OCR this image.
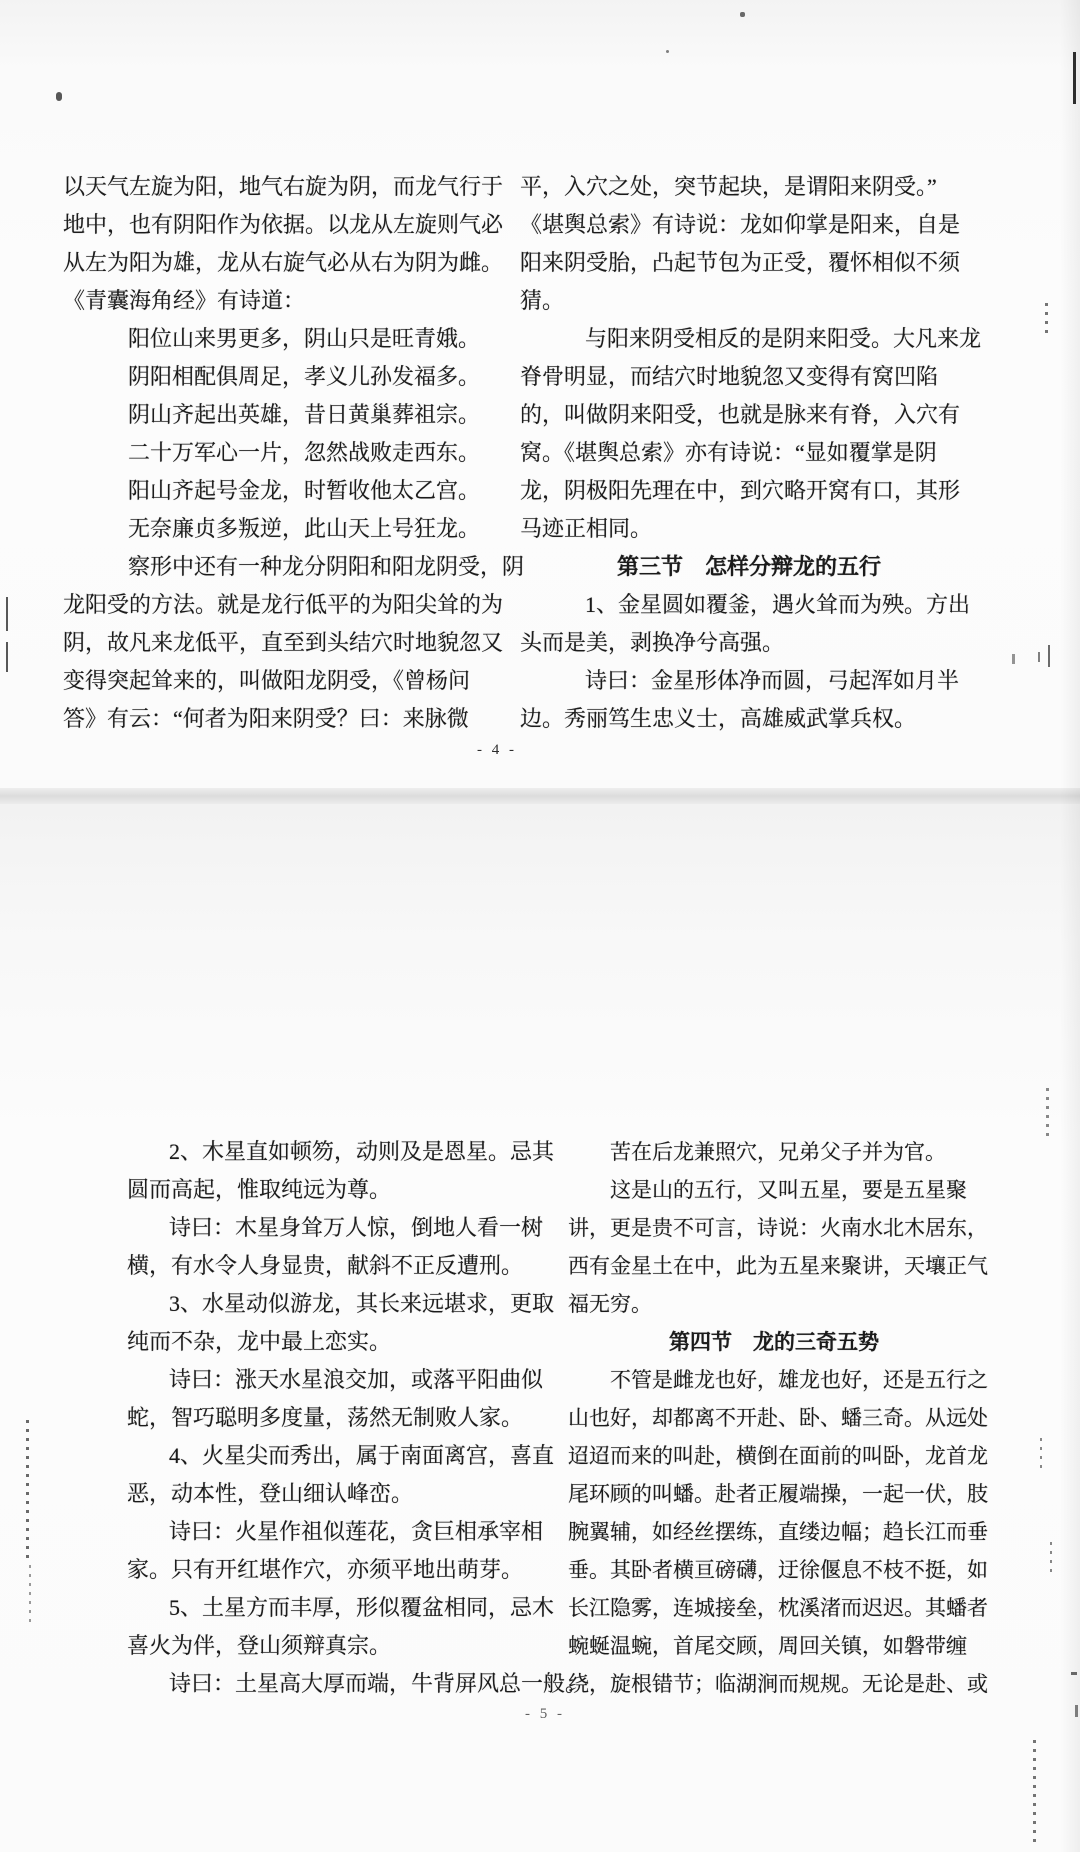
以天气左旋为阳，地气右旋为阴，而龙气行于
地中，也有阴阳作为依据。以龙从左旋则气必
从左为阳为雄，龙从右旋气必从右为阴为雌。
《青囊海角经》有诗道：
阳位山来男更多，阴山只是旺青娥。
阴阳相配俱周足，孝义儿孙发福多。
阴山齐起出英雄，昔日黄巢葬祖宗。
二十万军心一片，忽然战败走西东。
阳山齐起号金龙，时暂收他太乙宫。
无奈廉贞多叛逆，此山天上号狂龙。
察形中还有一种龙分阴阳和阳龙阴受，阴
龙阳受的方法。就是龙行低平的为阳尖耸的为
阴，故凡来龙低平，直至到头结穴时地貌忽又
变得突起耸来的，叫做阳龙阴受，《曾杨问
答》有云：“何者为阳来阴受？曰：来脉微
平，入穴之处，突节起块，是谓阳来阴受。”
《堪舆总索》有诗说：龙如仰掌是阳来，自是
阳来阴受胎，凸起节包为正受，覆怀相似不须
猜。
与阳来阴受相反的是阴来阳受。大凡来龙
脊骨明显，而结穴时地貌忽又变得有窝凹陷
的，叫做阴来阳受，也就是脉来有脊，入穴有
窝。《堪舆总索》亦有诗说：“显如覆掌是阴
龙，阴极阳先理在中，到穴略开窝有口，其形
马迹正相同。
第三节　怎样分辩龙的五行
1、金星圆如覆釜，遇火耸而为殃。方出
头而是美，剥换净兮高强。
诗曰：金星形体净而圆，弓起浑如月半
边。秀丽笃生忠义士，高雄威武掌兵权。
- 4 -
2、木星直如顿笏，动则及是恩星。忌其
圆而高起，惟取纯远为尊。
诗曰：木星身耸万人惊，倒地人看一树
横，有水令人身显贵，献斜不正反遭刑。
3、水星动似游龙，其长来远堪求，更取
纯而不杂，龙中最上恋实。
诗曰：涨天水星浪交加，或落平阳曲似
蛇，智巧聪明多度量，荡然无制败人家。
4、火星尖而秀出，属于南面离宫，喜直
恶，动本性，登山细认峰峦。
诗曰：火星作祖似莲花，贪巨相承宰相
家。只有开红堪作穴，亦须平地出萌芽。
5、土星方而丰厚，形似覆盆相同，忌木
喜火为伴，登山须辩真宗。
诗曰：土星高大厚而端，牛背屏风总一般。
苦在后龙兼照穴，兄弟父子并为官。
这是山的五行，又叫五星，要是五星聚
讲，更是贵不可言，诗说：火南水北木居东，
西有金星土在中，此为五星来聚讲，天壤正气
福无穷。
第四节　龙的三奇五势
不管是雌龙也好，雄龙也好，还是五行之
山也好，却都离不开赴、卧、蟠三奇。从远处
迢迢而来的叫赴，横倒在面前的叫卧，龙首龙
尾环顾的叫蟠。赴者正履端操，一起一伏，肢
腕翼辅，如经丝摆练，直缕边幅；趋长江而垂
垂。其卧者横亘磅礴，迂徐偃息不枝不挺，如
长江隐雾，连城接垒，枕溪渚而迟迟。其蟠者
蜿蜒温蜿，首尾交顾，周回关镇，如磐带缠
绕，旋根错节；临湖涧而规规。无论是赴、或
- 5 -
